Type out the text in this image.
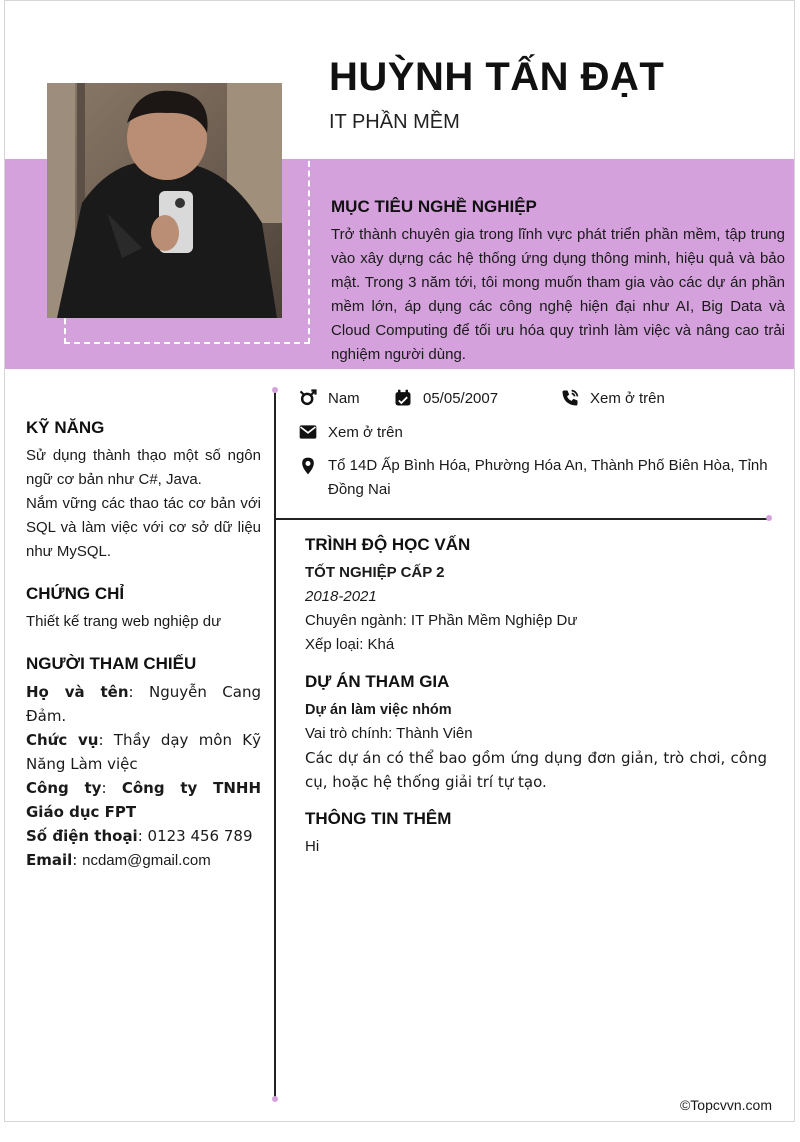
HUỲNH TẤN ĐẠT
IT PHẦN MỀM
MỤC TIÊU NGHỀ NGHIỆP
Trở thành chuyên gia trong lĩnh vực phát triển phần mềm, tập trung vào xây dựng các hệ thống ứng dụng thông minh, hiệu quả và bảo mật. Trong 3 năm tới, tôi mong muốn tham gia vào các dự án phần mềm lớn, áp dụng các công nghệ hiện đại như AI, Big Data và Cloud Computing để tối ưu hóa quy trình làm việc và nâng cao trải nghiệm người dùng.
Nam	05/05/2007	Xem ở trên
Xem ở trên
Tổ 14D Ấp Bình Hóa, Phường Hóa An, Thành Phố Biên Hòa, Tỉnh Đồng Nai
KỸ NĂNG
Sử dụng thành thạo một số ngôn ngữ cơ bản như C#, Java.
Nắm vững các thao tác cơ bản với SQL và làm việc với cơ sở dữ liệu như MySQL.
CHỨNG CHỈ
Thiết kế trang web nghiệp dư
NGƯỜI THAM CHIẾU
Họ và tên: Nguyễn Cang Đảm.
Chức vụ: Thầy dạy môn Kỹ Năng Làm việc
Công ty: Công ty TNHH Giáo dục FPT
Số điện thoại: 0123 456 789
Email: ncdam@gmail.com
TRÌNH ĐỘ HỌC VẤN
TỐT NGHIỆP CẤP 2
2018-2021
Chuyên ngành: IT Phần Mềm Nghiệp Dư
Xếp loại: Khá
DỰ ÁN THAM GIA
Dự án làm việc nhóm
Vai trò chính: Thành Viên
Các dự án có thể bao gồm ứng dụng đơn giản, trò chơi, công cụ, hoặc hệ thống giải trí tự tạo.
THÔNG TIN THÊM
Hi
©Topcvvn.com
